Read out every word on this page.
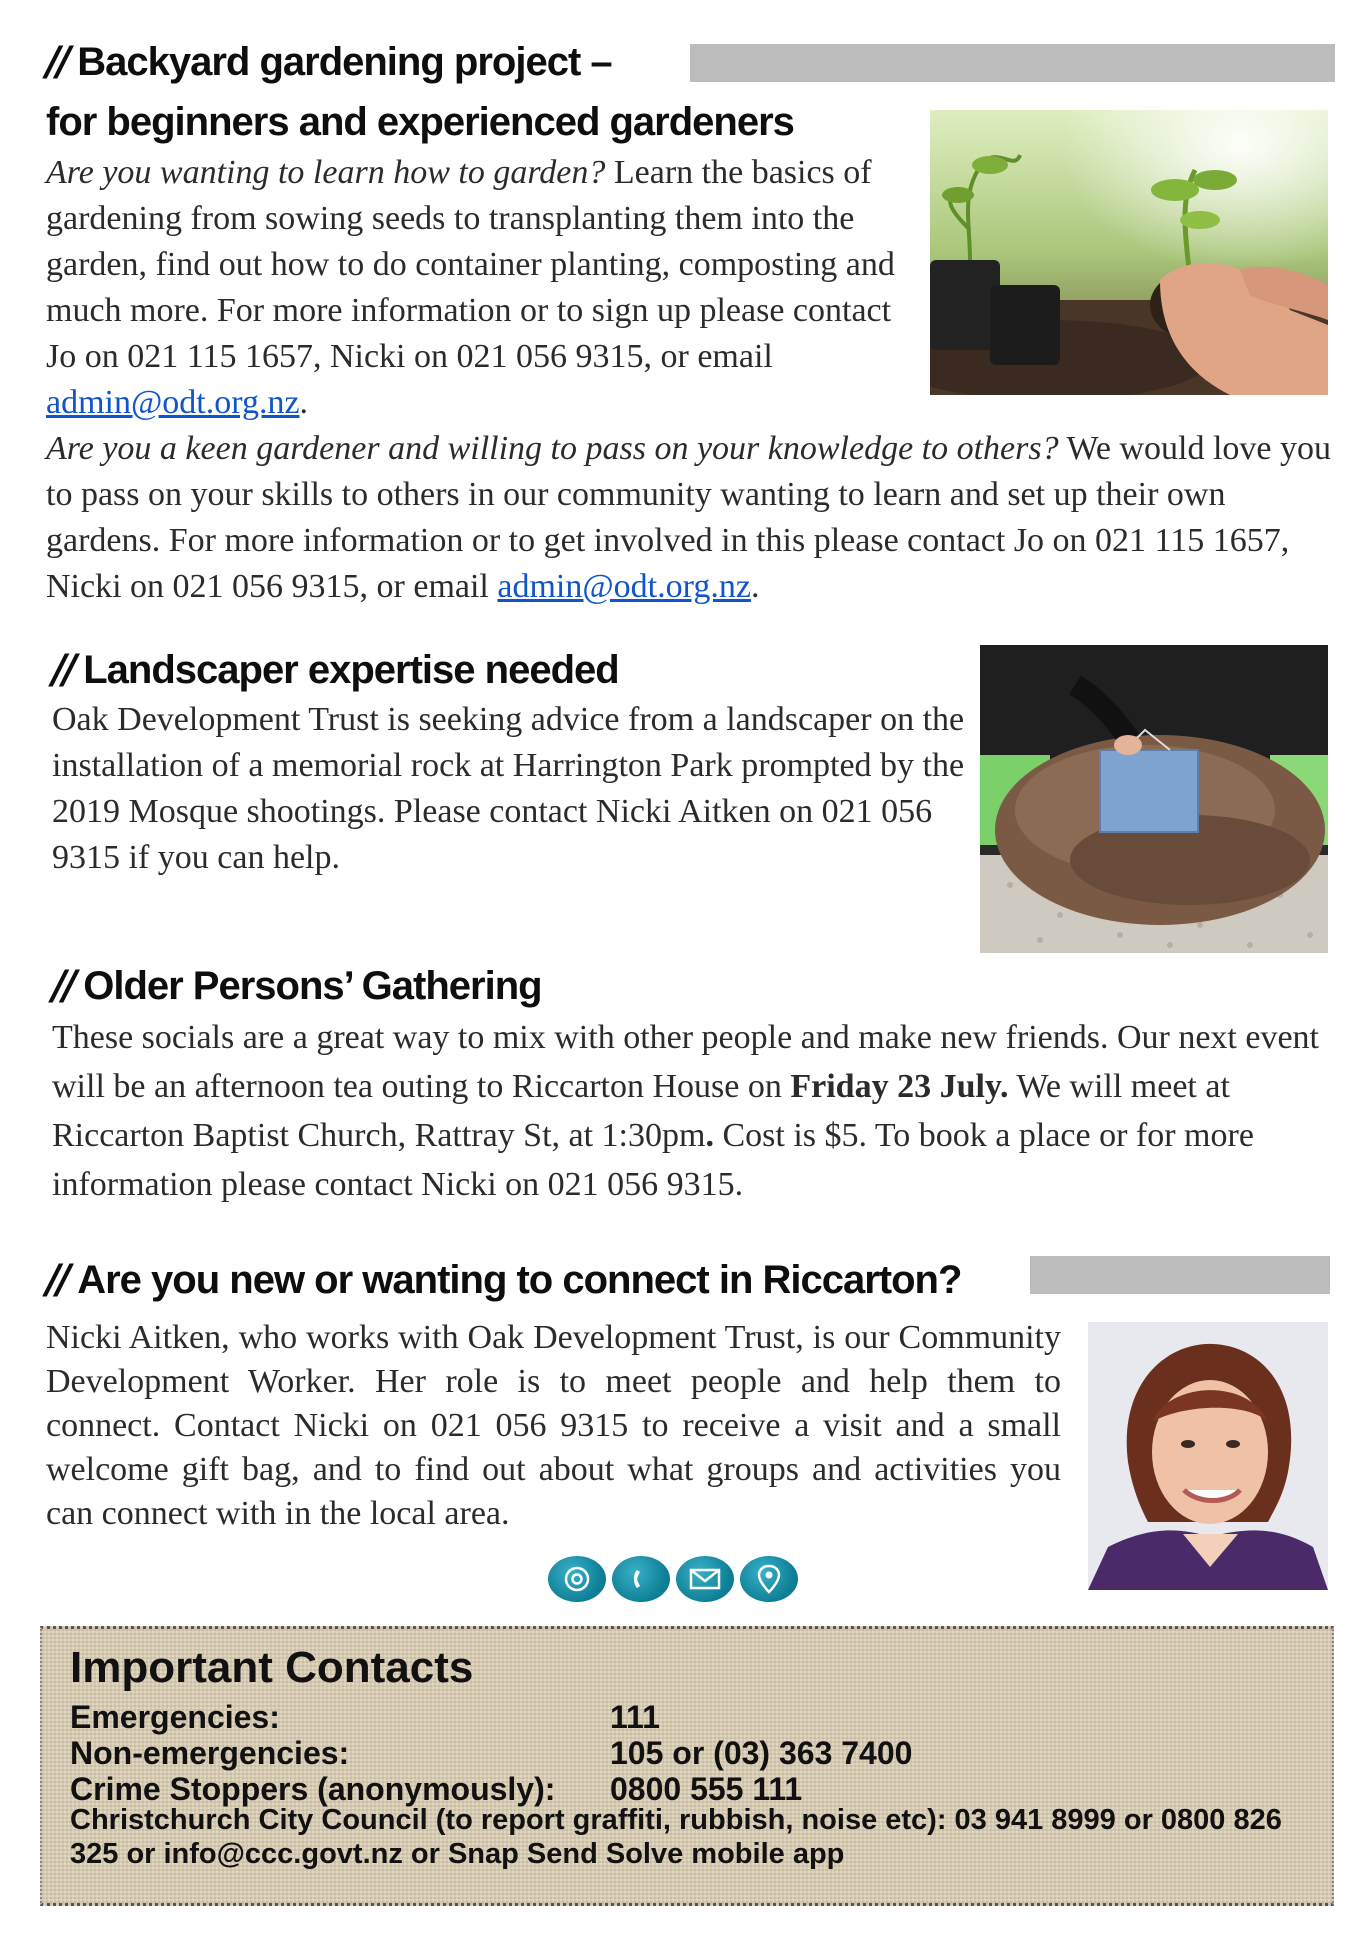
// Backyard gardening project –
for beginners and experienced gardeners
Are you wanting to learn how to garden? Learn the basics of gardening from sowing seeds to transplanting them into the garden, find out how to do container planting, composting and much more. For more information or to sign up please contact Jo on 021 115 1657, Nicki on 021 056 9315, or email admin@odt.org.nz.
Are you a keen gardener and willing to pass on your knowledge to others? We would love you to pass on your skills to others in our community wanting to learn and set up their own gardens. For more information or to get involved in this please contact Jo on 021 115 1657, Nicki on 021 056 9315, or email admin@odt.org.nz.
// Landscaper expertise needed
Oak Development Trust is seeking advice from a landscaper on the installation of a memorial rock at Harrington Park prompted by the 2019 Mosque shootings. Please contact Nicki Aitken on 021 056 9315 if you can help.
// Older Persons’ Gathering
These socials are a great way to mix with other people and make new friends. Our next event will be an afternoon tea outing to Riccarton House on Friday 23 July. We will meet at Riccarton Baptist Church, Rattray St, at 1:30pm. Cost is $5. To book a place or for more information please contact Nicki on 021 056 9315.
// Are you new or wanting to connect in Riccarton?
Nicki Aitken, who works with Oak Development Trust, is our Community Development Worker. Her role is to meet people and help them to connect. Contact Nicki on 021 056 9315 to receive a visit and a small welcome gift bag, and to find out about what groups and activities you can connect with in the local area.
Important Contacts
Emergencies:	111
Non-emergencies:	105 or (03) 363 7400
Crime Stoppers (anonymously): 0800 555 111
Christchurch City Council (to report graffiti, rubbish, noise etc): 03 941 8999 or 0800 826 325 or info@ccc.govt.nz or Snap Send Solve mobile app
